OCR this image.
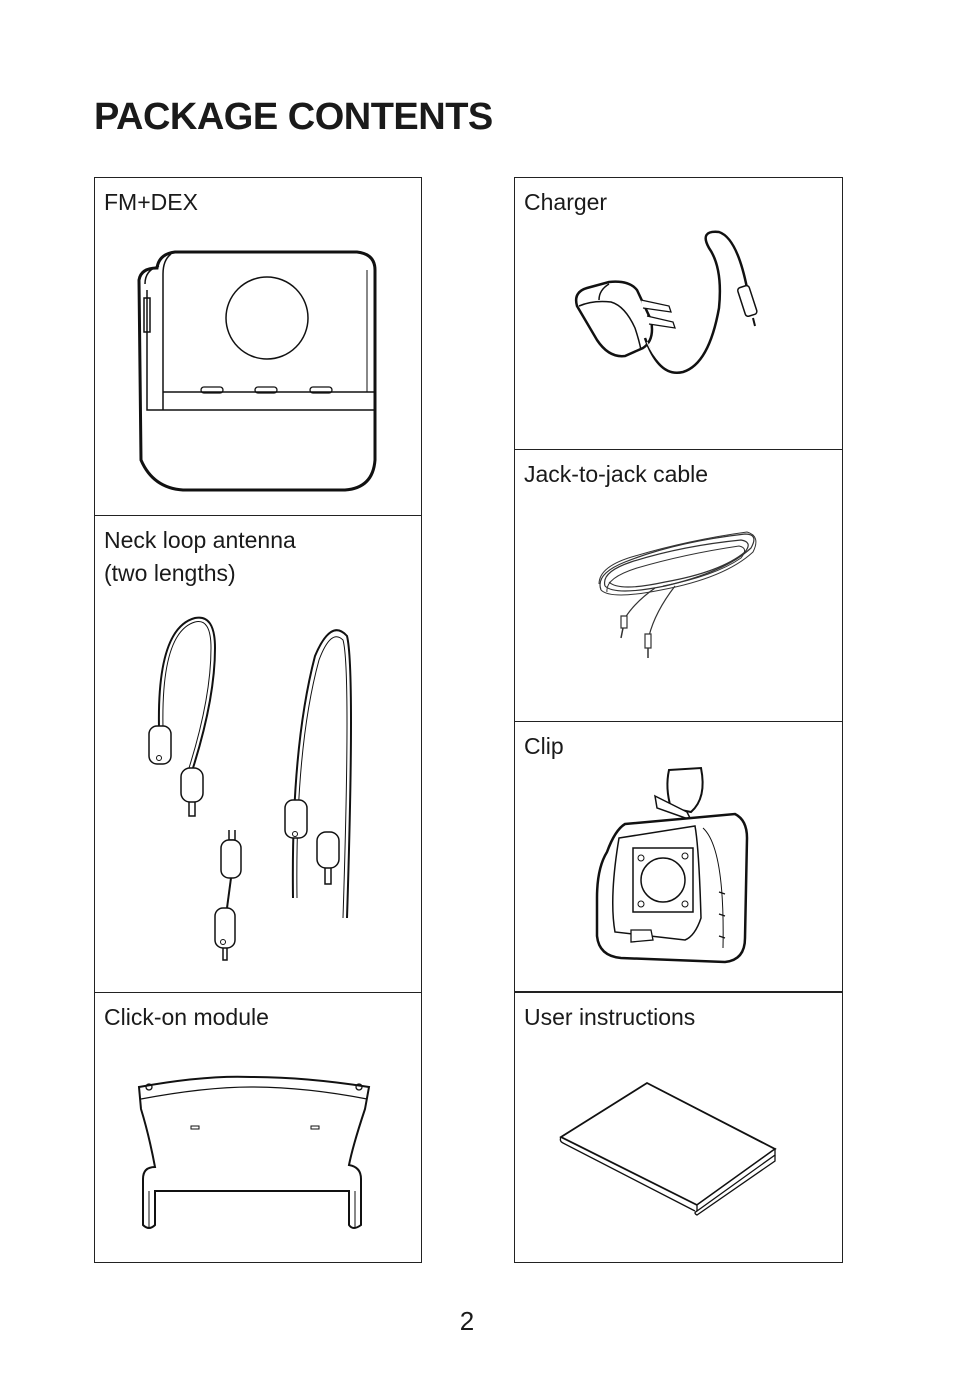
PACKAGE CONTENTS
FM+DEX
Neck loop antenna
(two lengths)
Click-on module
Charger
Jack-to-jack cable
Clip
User instructions
2
